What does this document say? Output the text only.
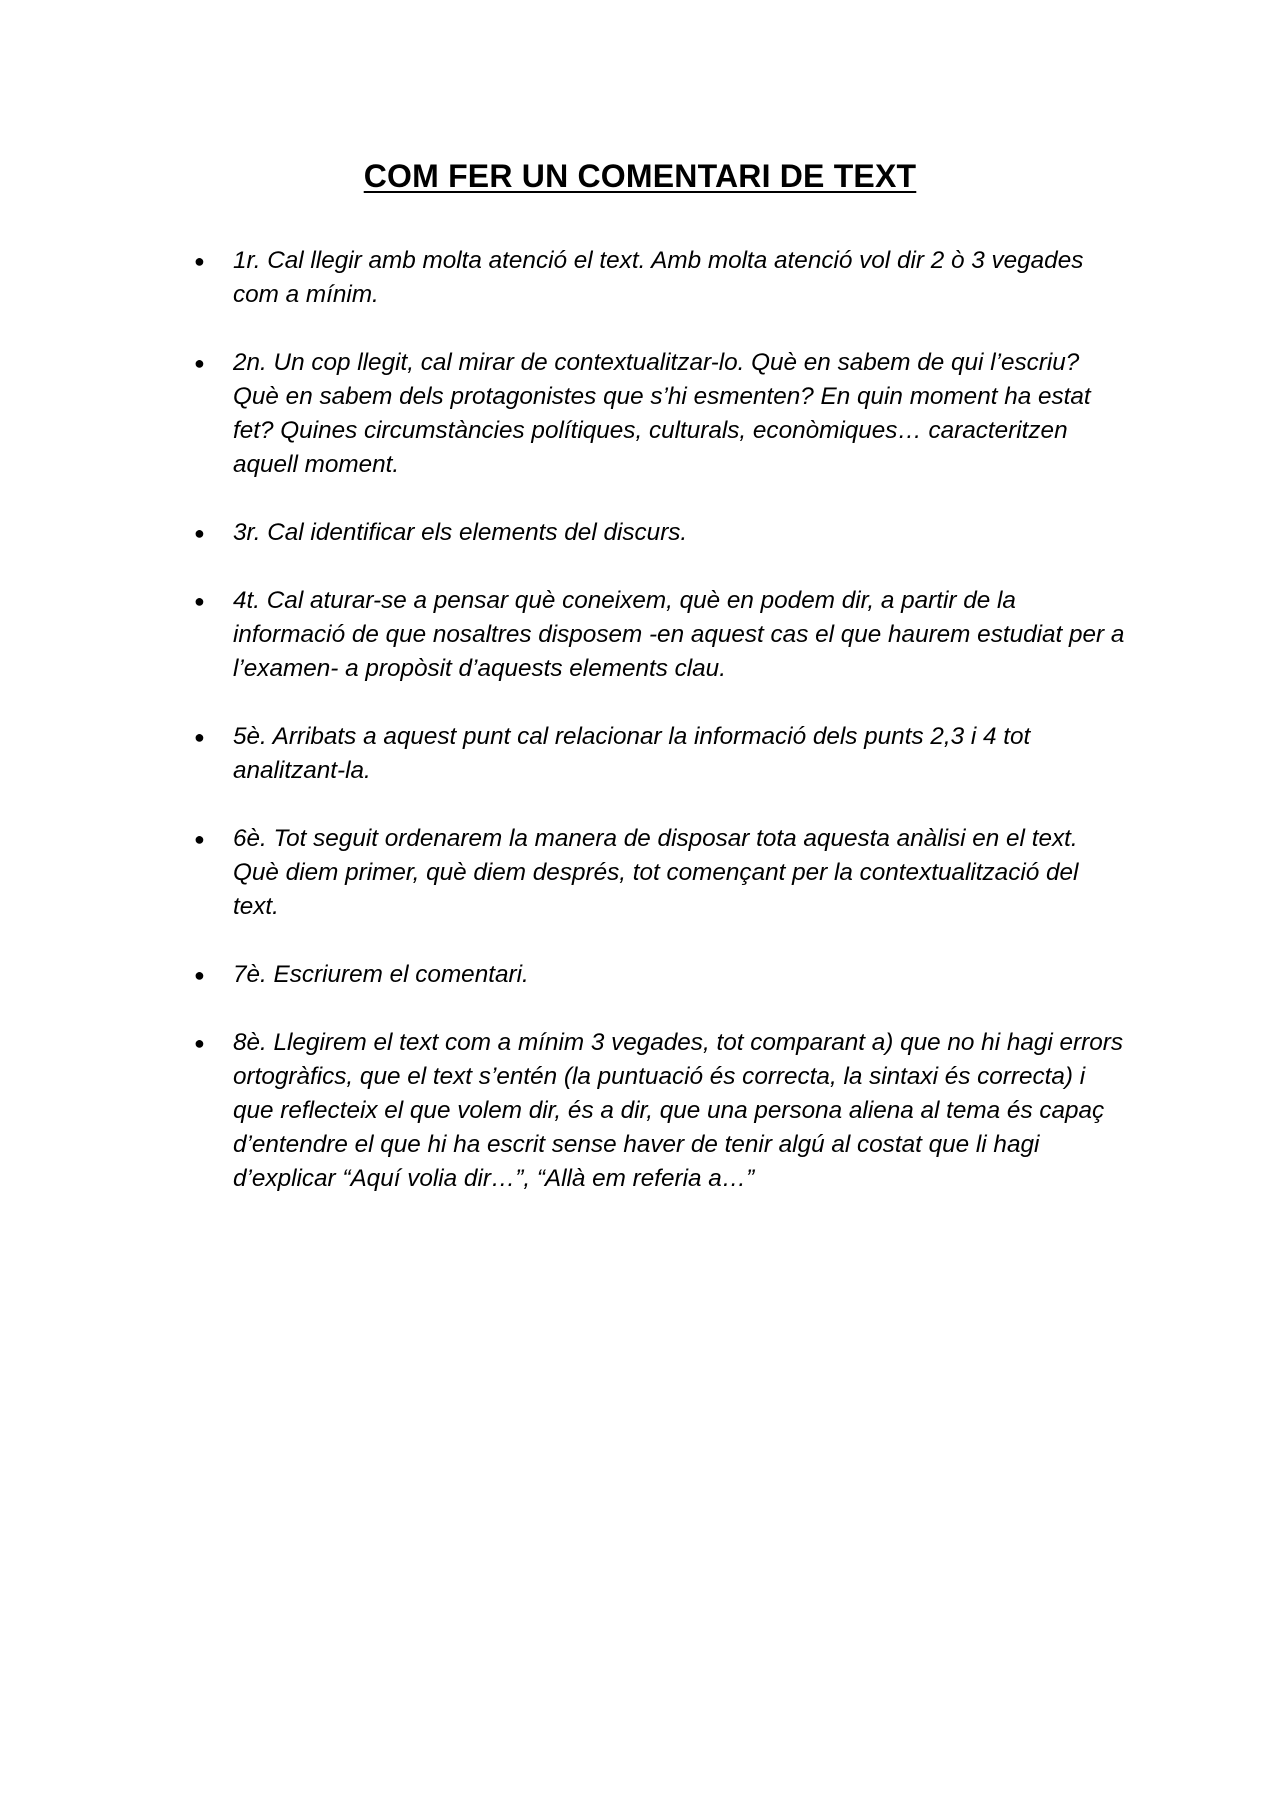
COM FER UN COMENTARI DE TEXT
● 1r. Cal llegir amb molta atenció el text. Amb molta atenció vol dir 2 ò 3 vegades com a mínim.
● 2n. Un cop llegit, cal mirar de contextualitzar-lo. Què en sabem de qui l’escriu? Què en sabem dels protagonistes que s’hi esmenten? En quin moment ha estat fet? Quines circumstàncies polítiques, culturals, econòmiques… caracteritzen aquell moment.
● 3r. Cal identificar els elements del discurs.
● 4t. Cal aturar-se a pensar què coneixem, què en podem dir, a partir de la informació de que nosaltres disposem -en aquest cas el que haurem estudiat per a l’examen- a propòsit d’aquests elements clau.
● 5è. Arribats a aquest punt cal relacionar la informació dels punts 2,3 i 4 tot analitzant-la.
● 6è. Tot seguit ordenarem la manera de disposar tota aquesta anàlisi en el text. Què diem primer, què diem després, tot començant per la contextualització del text.
● 7è. Escriurem el comentari.
● 8è. Llegirem el text com a mínim 3 vegades, tot comparant a) que no hi hagi errors ortogràfics, que el text s’entén (la puntuació és correcta, la sintaxi és correcta) i que reflecteix el que volem dir, és a dir, que una persona aliena al tema és capaç d’entendre el que hi ha escrit sense haver de tenir algú al costat que li hagi d’explicar “Aquí volia dir…”, “Allà em referia a…”
